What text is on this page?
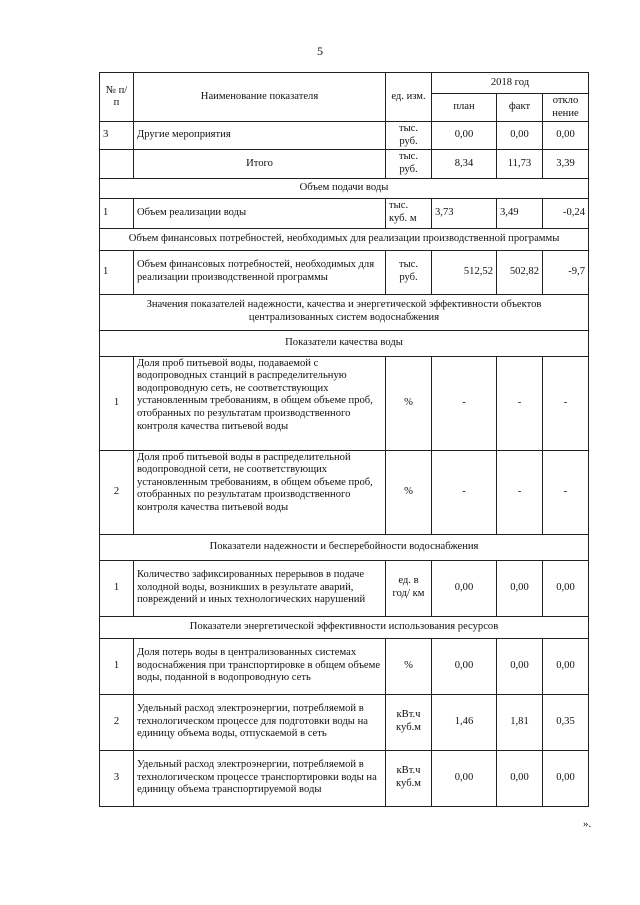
5
№ п/п	Наименование показателя	ед. изм.	2018 год		
			план	факт	откло нение
3	Другие мероприятия	тыс. руб.	0,00	0,00	0,00
	Итого	тыс. руб.	8,34	11,73	3,39
Объем подачи воды					
1	Объем реализации воды	тыс. куб. м	3,73	3,49	-0,24
Объем финансовых потребностей, необходимых для реализации производственной программы					
1	Объем финансовых потребностей, необходимых для реализации производственной программы	тыс. руб.	512,52	502,82	-9,7
Значения показателей надежности, качества и энергетической эффективности объектов централизованных систем водоснабжения					
Показатели качества воды					
1	Доля проб питьевой воды, подаваемой с водопроводных станций в распределительную водопроводную сеть, не соответствующих установленным требованиям, в общем объеме проб, отобранных по результатам производственного контроля качества питьевой воды	%	-	-	-
2	Доля проб питьевой воды в распределительной водопроводной сети, не соответствующих установленным требованиям, в общем объеме проб, отобранных по результатам производственного контроля качества питьевой воды	%	-	-	-
Показатели надежности и бесперебойности водоснабжения					
1	Количество зафиксированных перерывов в подаче холодной воды, возникших в результате аварий, повреждений и иных технологических нарушений	ед. в год/ км	0,00	0,00	0,00
Показатели энергетической эффективности использования ресурсов					
1	Доля потерь воды в централизованных системах водоснабжения при транспортировке в общем объеме воды, поданной в водопроводную сеть	%	0,00	0,00	0,00
2	Удельный расход электроэнергии, потребляемой в технологическом процессе для подготовки воды на единицу объема воды, отпускаемой в сеть	кВт.ч куб.м	1,46	1,81	0,35
3	Удельный расход электроэнергии, потребляемой в технологическом процессе транспортировки воды на единицу объема транспортируемой воды	кВт.ч куб.м	0,00	0,00	0,00
».
